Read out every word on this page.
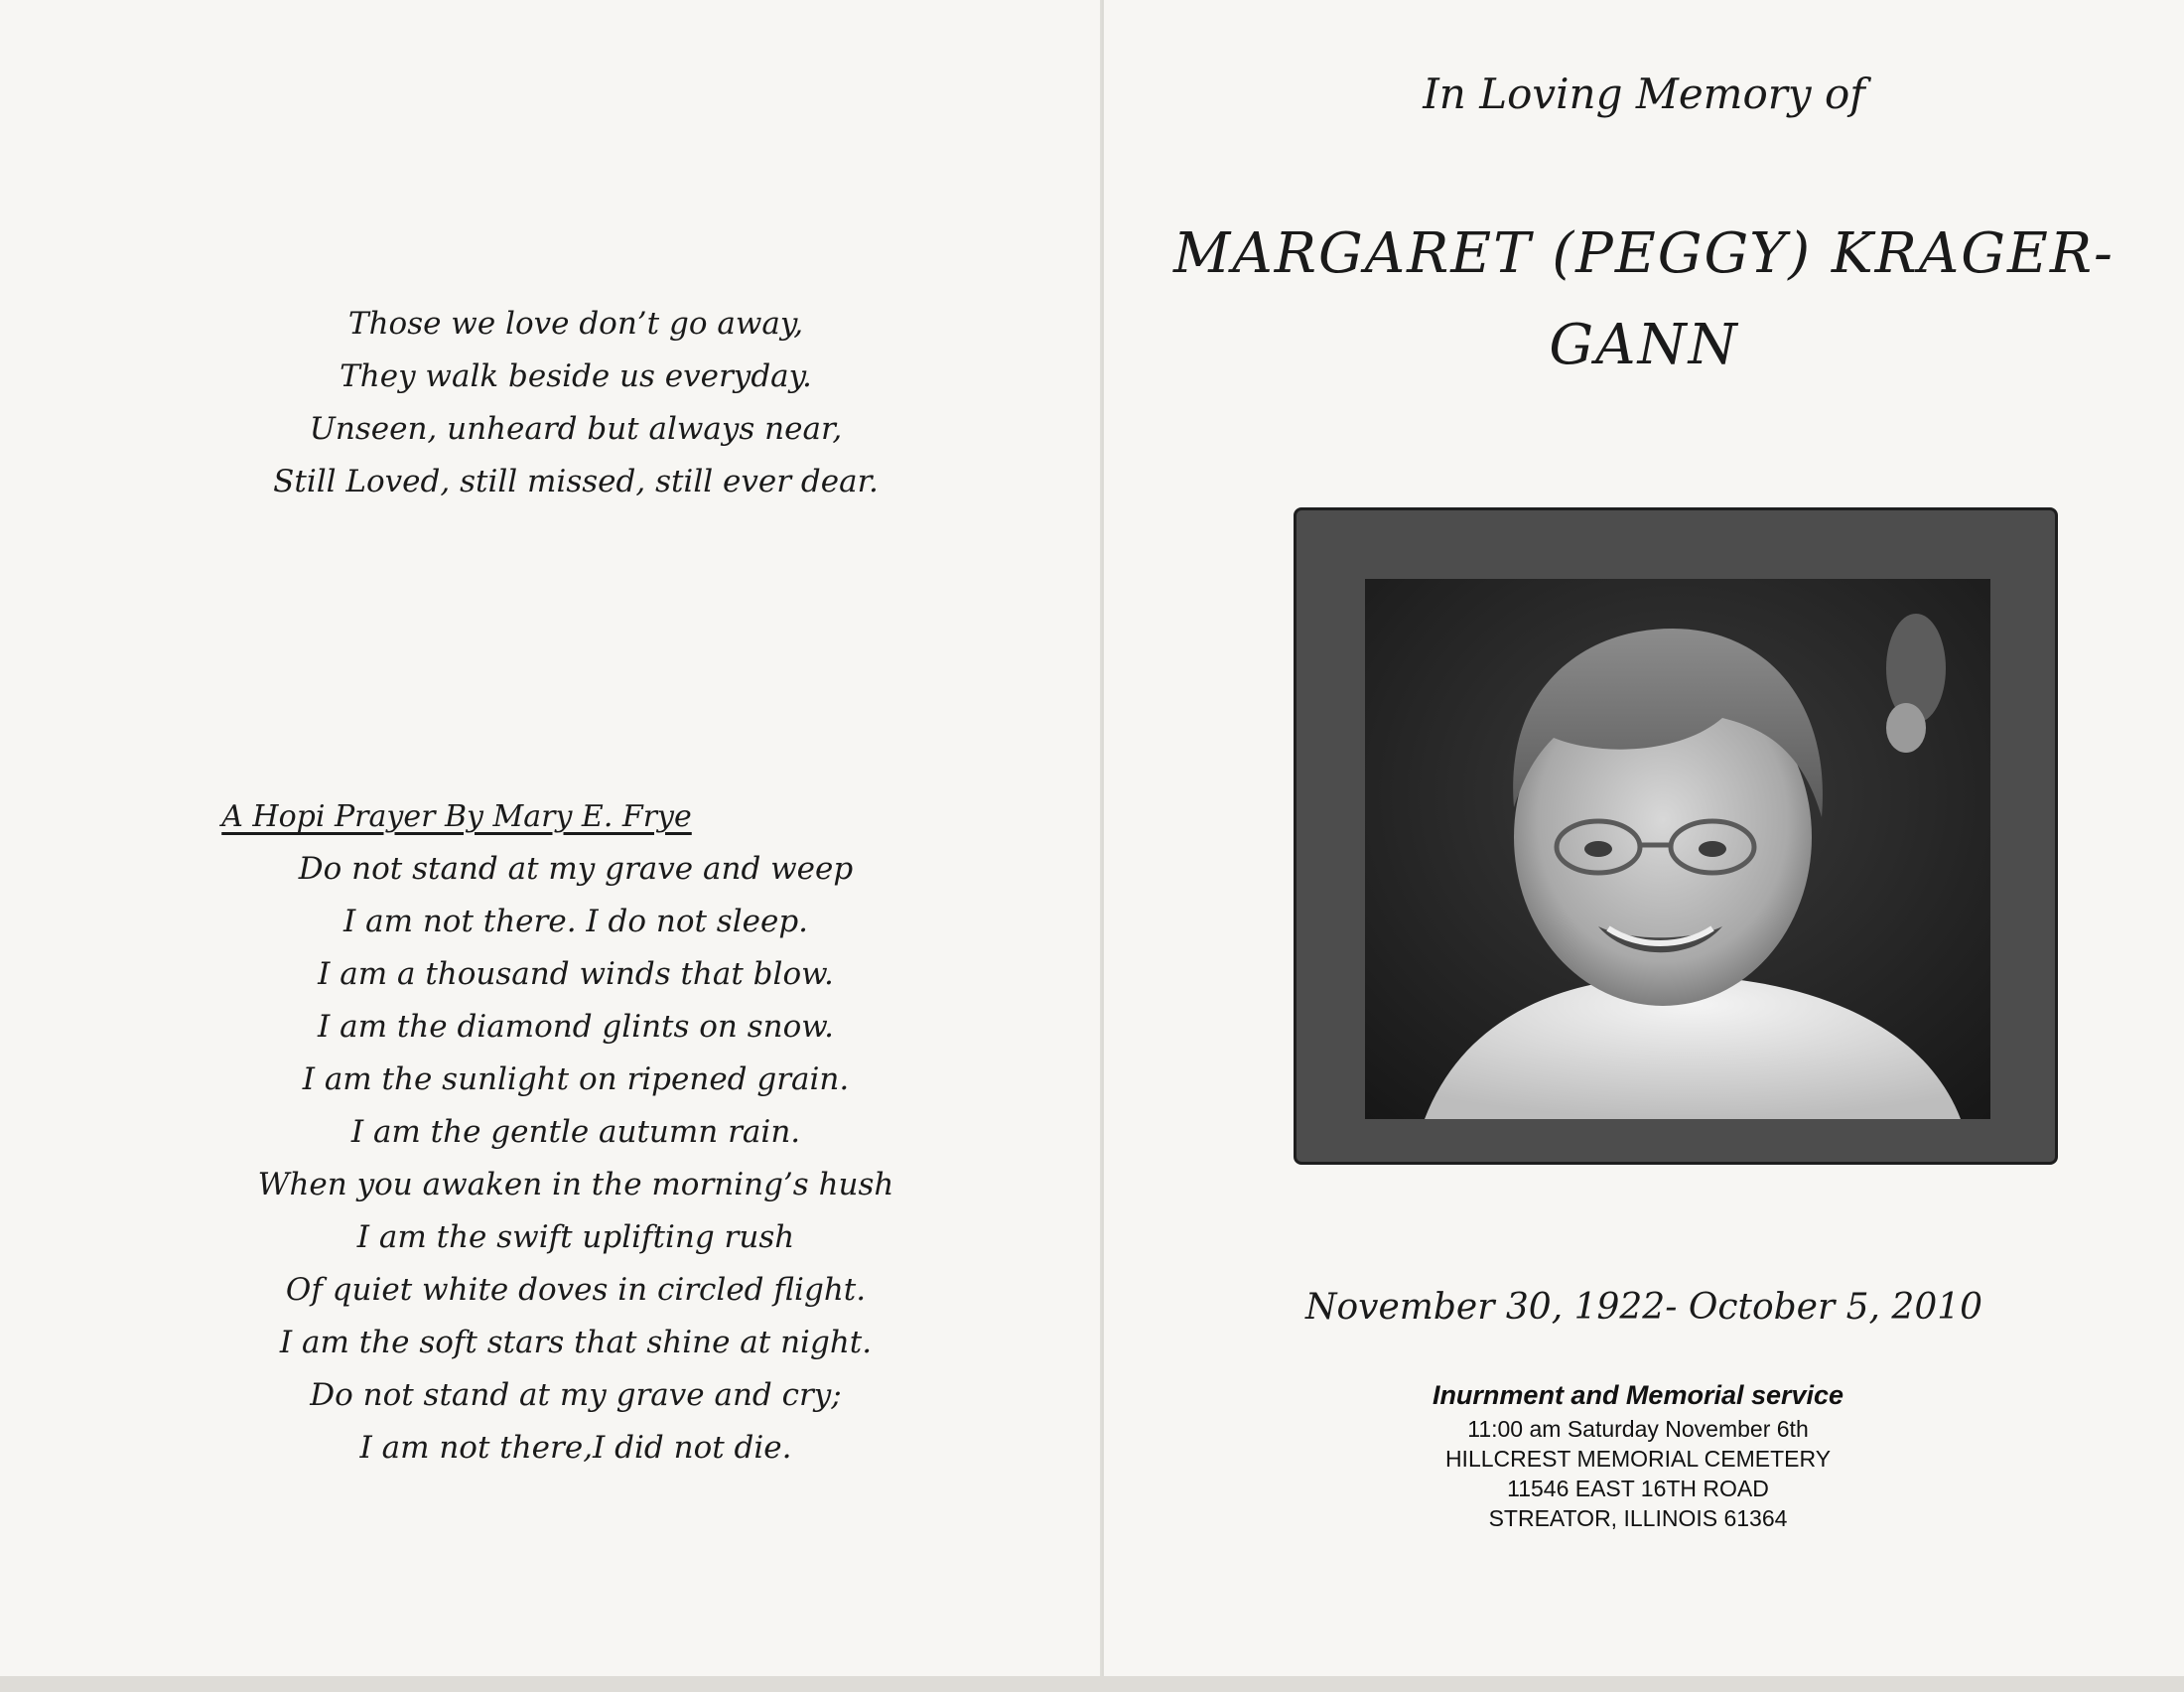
Those we love don’t go away,
They walk beside us everyday.
Unseen, unheard but always near,
Still Loved, still missed, still ever dear.
A Hopi Prayer By Mary E. Frye
Do not stand at my grave and weep
I am not there. I do not sleep.
I am a thousand winds that blow.
I am the diamond glints on snow.
I am the sunlight on ripened grain.
I am the gentle autumn rain.
When you awaken in the morning’s hush
I am the swift uplifting rush
Of quiet white doves in circled flight.
I am the soft stars that shine at night.
Do not stand at my grave and cry;
I am not there,I did not die.
In Loving Memory of
MARGARET (PEGGY) KRAGER-
GANN
November 30, 1922- October 5, 2010
Inurnment and Memorial service
11:00 am Saturday November 6th
HILLCREST MEMORIAL CEMETERY
11546 EAST 16TH ROAD
STREATOR, ILLINOIS 61364
